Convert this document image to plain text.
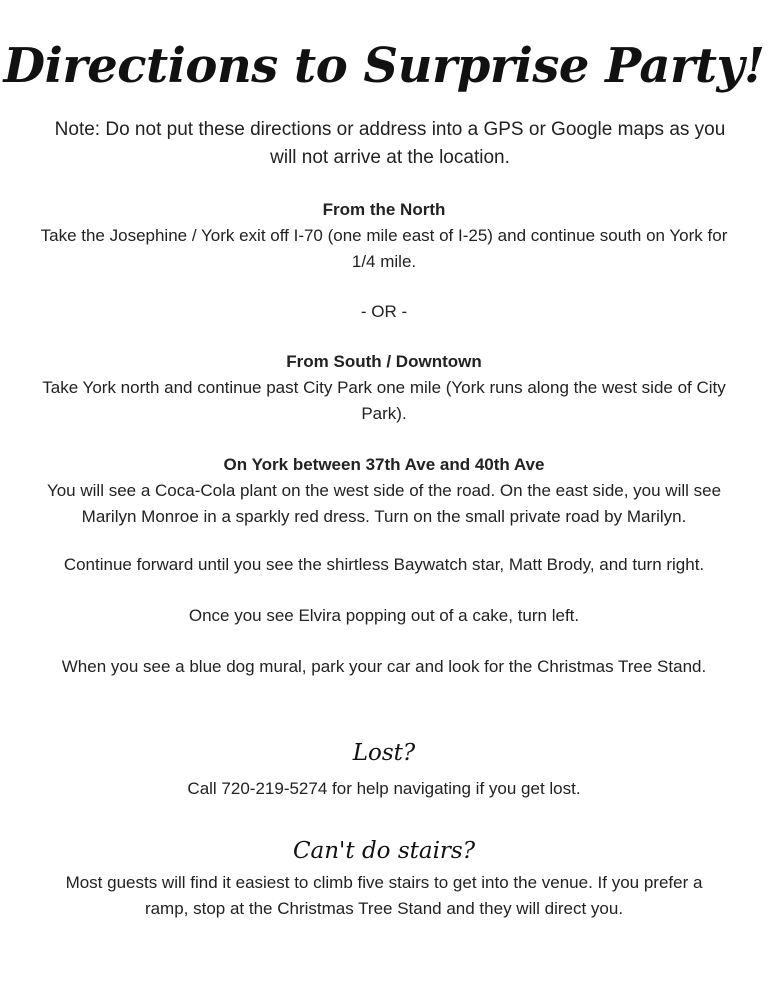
Directions to Surprise Party!
Note: Do not put these directions or address into a GPS or Google maps as you will not arrive at the location.
From the North
Take the Josephine / York exit off I-70 (one mile east of I-25) and continue south on York for 1/4 mile.
- OR -
From South / Downtown
Take York north and continue past City Park one mile (York runs along the west side of City Park).
On York between 37th Ave and 40th Ave
You will see a Coca-Cola plant on the west side of the road. On the east side, you will see Marilyn Monroe in a sparkly red dress. Turn on the small private road by Marilyn.
Continue forward until you see the shirtless Baywatch star, Matt Brody, and turn right.
Once you see Elvira popping out of a cake, turn left.
When you see a blue dog mural, park your car and look for the Christmas Tree Stand.
Lost?
Call 720-219-5274 for help navigating if you get lost.
Can't do stairs?
Most guests will find it easiest to climb five stairs to get into the venue. If you prefer a ramp, stop at the Christmas Tree Stand and they will direct you.
